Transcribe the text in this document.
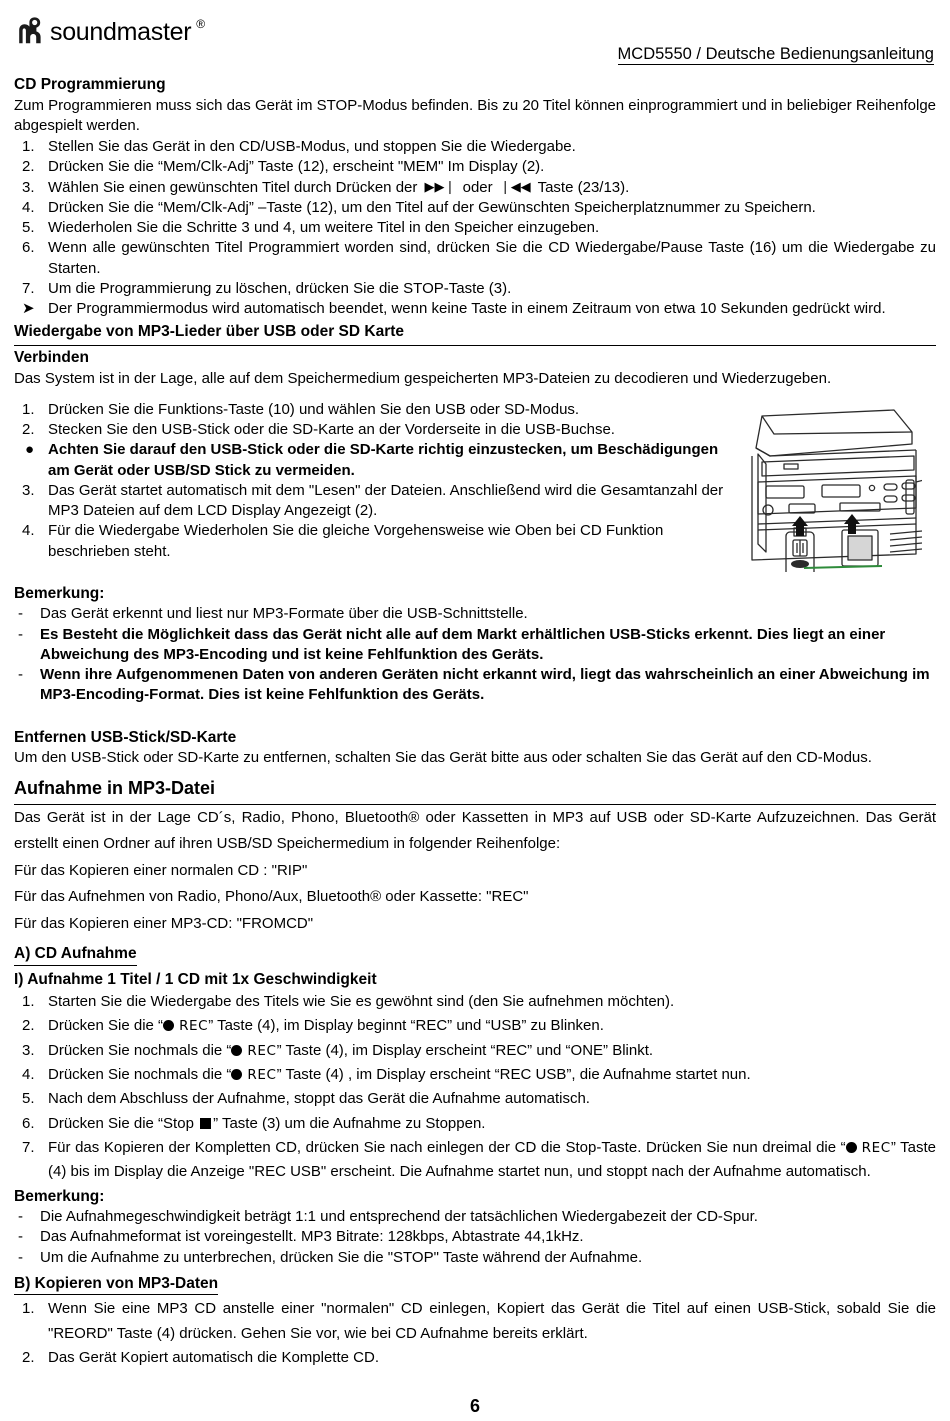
soundmaster ®
MCD5550 / Deutsche Bedienungsanleitung
CD Programmierung

Zum Programmieren muss sich das Gerät im STOP-Modus befinden. Bis zu 20 Titel können einprogrammiert und in beliebiger Reihenfolge abgespielt werden.

1. Stellen Sie das Gerät in den CD/USB-Modus, und stoppen Sie die Wiedergabe.
2. Drücken Sie die “Mem/Clk-Adj” Taste (12), erscheint "MEM" Im Display (2).
3. Wählen Sie einen gewünschten Titel durch Drücken der ▶▶❘ oder ❘◀◀ Taste (23/13).
4. Drücken Sie die “Mem/Clk-Adj” –Taste (12), um den Titel auf der Gewünschten Speicherplatznummer zu Speichern.
5. Wiederholen Sie die Schritte 3 und 4, um weitere Titel in den Speicher einzugeben.
6. Wenn alle gewünschten Titel Programmiert worden sind, drücken Sie die CD Wiedergabe/Pause Taste (16) um die Wiedergabe zu Starten.
7. Um die Programmierung zu löschen, drücken Sie die STOP-Taste (3).
➤ Der Programmiermodus wird automatisch beendet, wenn keine Taste in einem Zeitraum von etwa 10 Sekunden gedrückt wird.
Wiedergabe von MP3-Lieder über USB oder SD Karte
Verbinden

Das System ist in der Lage, alle auf dem Speichermedium gespeicherten MP3-Dateien zu decodieren und Wiederzugeben.

1. Drücken Sie die Funktions-Taste (10) und wählen Sie den USB oder SD-Modus.
2. Stecken Sie den USB-Stick oder die SD-Karte an der Vorderseite in die USB-Buchse.
● Achten Sie darauf den USB-Stick oder die SD-Karte richtig einzustecken, um Beschädigungen am Gerät oder USB/SD Stick zu vermeiden.
3. Das Gerät startet automatisch mit dem "Lesen" der Dateien. Anschließend wird die Gesamtanzahl der MP3 Dateien auf dem LCD Display Angezeigt (2).
4. Für die Wiedergabe Wiederholen Sie die gleiche Vorgehensweise wie Oben bei CD Funktion beschrieben steht.
Bemerkung:
-	Das Gerät erkennt und liest nur MP3-Formate über die USB-Schnittstelle.
-	Es Besteht die Möglichkeit dass das Gerät nicht alle auf dem Markt erhältlichen USB-Sticks erkennt. Dies liegt an einer Abweichung des MP3-Encoding und ist keine Fehlfunktion des Geräts.
-	Wenn ihre Aufgenommenen Daten von anderen Geräten nicht erkannt wird, liegt das wahrscheinlich an einer Abweichung im MP3-Encoding-Format. Dies ist keine Fehlfunktion des Geräts.
Entfernen USB-Stick/SD-Karte

Um den USB-Stick oder SD-Karte zu entfernen, schalten Sie das Gerät bitte aus oder schalten Sie das Gerät auf den CD-Modus.

Aufnahme in MP3-Datei

Das Gerät ist in der Lage CD´s, Radio, Phono, Bluetooth® oder Kassetten in MP3 auf USB oder SD-Karte Aufzuzeichnen. Das Gerät erstellt einen Ordner auf ihren USB/SD Speichermedium in folgender Reihenfolge:

Für das Kopieren einer normalen CD : "RIP"

Für das Aufnehmen von Radio, Phono/Aux, Bluetooth® oder Kassette: "REC"

Für das Kopieren einer MP3-CD: "FROMCD"

A) CD Aufnahme
I) Aufnahme 1 Titel / 1 CD mit 1x Geschwindigkeit
1. Starten Sie die Wiedergabe des Titels wie Sie es gewöhnt sind (den Sie aufnehmen möchten).
2. Drücken Sie die “ REC” Taste (4), im Display beginnt “REC” und “USB” zu Blinken.
3. Drücken Sie nochmals die “ REC” Taste (4), im Display erscheint “REC” und “ONE” Blinkt.
4. Drücken Sie nochmals die “ REC” Taste (4) , im Display erscheint “REC USB”, die Aufnahme startet nun.
5. Nach dem Abschluss der Aufnahme, stoppt das Gerät die Aufnahme automatisch.
6. Drücken Sie die “Stop ” Taste (3) um die Aufnahme zu Stoppen.
7. Für das Kopieren der Kompletten CD, drücken Sie nach einlegen der CD die Stop-Taste. Drücken Sie nun dreimal die “ REC” Taste (4) bis im Display die Anzeige "REC USB" erscheint. Die Aufnahme startet nun, und stoppt nach der Aufnahme automatisch.
Bemerkung:
-	Die Aufnahmegeschwindigkeit beträgt 1:1 und entsprechend der tatsächlichen Wiedergabezeit der CD-Spur.
-	Das Aufnahmeformat ist voreingestellt. MP3 Bitrate: 128kbps, Abtastrate 44,1kHz.
-	Um die Aufnahme zu unterbrechen, drücken Sie die "STOP" Taste während der Aufnahme.
B) Kopieren von MP3-Daten
1. Wenn Sie eine MP3 CD anstelle einer "normalen" CD einlegen, Kopiert das Gerät die Titel auf einen USB-Stick, sobald Sie die "REORD" Taste (4) drücken. Gehen Sie vor, wie bei CD Aufnahme bereits erklärt.
2. Das Gerät Kopiert automatisch die Komplette CD.
6
